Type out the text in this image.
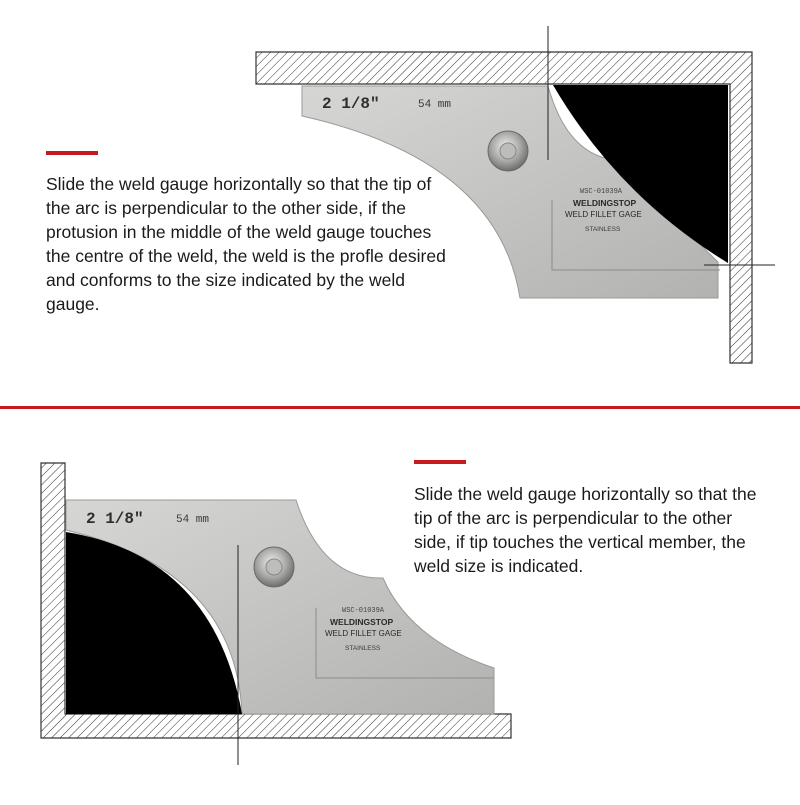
2 1/8"	54 mm
WSC-01039A
WELDINGSTOP
WELD FILLET GAGE
STAINLESS
2 1/8"	54 mm
WSC-01039A
WELDINGSTOP
WELD FILLET GAGE
STAINLESS

Slide the weld gauge horizontally so that the tip of the arc is perpendicular to the other side, if the protusion in the middle of the weld gauge touches the centre of the weld, the weld is the profle desired and conforms to the size indicated by the weld gauge.

Slide the weld gauge horizontally so that the tip of the arc is perpendicular to the other side, if tip touches the vertical member, the weld size is indicated.
